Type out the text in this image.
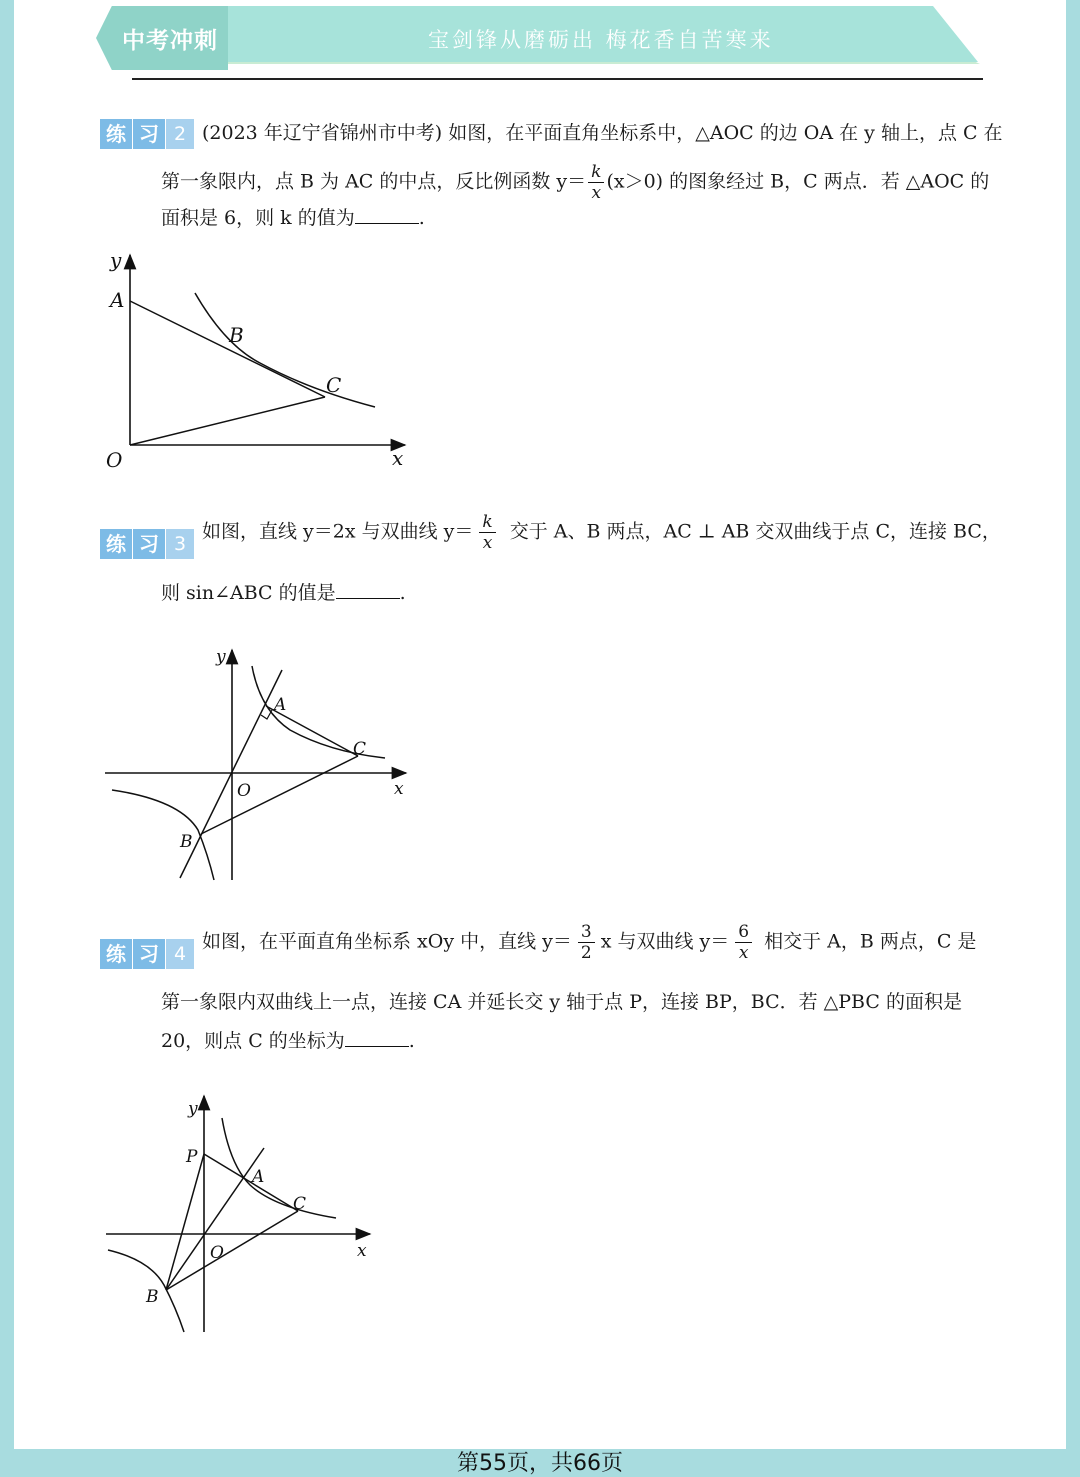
中考冲刺	宝剑锋从磨砺出 梅花香自苦寒来
练 习 2 (2023 年辽宁省锦州市中考) 如图，在平面直角坐标系中，△AOC 的边 OA 在 y 轴上，点 C 在
第一象限内，点 B 为 AC 的中点，反比例函数 $y= \frac{k}{x} (x>0)$ 的图象经过 B，C 两点．若 △AOC 的
面积是 6，则 k 的值为	.
y
A
B
C
O	x
练 习 3
如图，直线 y＝2x 与双曲线 $y= \frac{k}{x}$ 交于 A、B 两点，AC ⊥ AB 交双曲线于点 C，连接 BC，
则 sin∠ABC 的值是	.
y
A
C
O	x
B
练 习 4
如图，在平面直角坐标系 xOy 中，直线 $y= \frac{3}{2}$ x 与双曲线 $y= \frac{6}{x}$ 相交于 A，B 两点，C 是
第一象限内双曲线上一点，连接 CA 并延长交 y 轴于点 P，连接 BP，BC．若 △PBC 的面积是
20，则点 C 的坐标为	.
y
P
A
C
O	x
B
第55页，共66页
